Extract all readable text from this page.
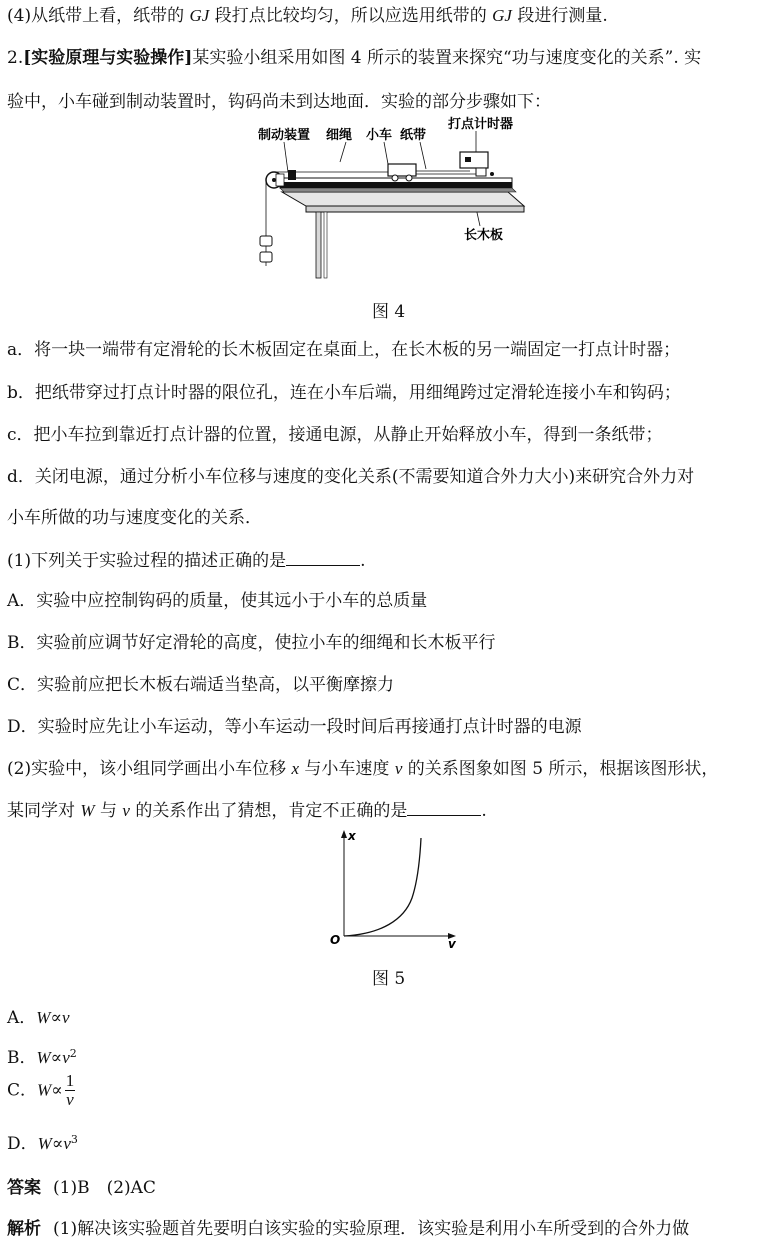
(4)从纸带上看，纸带的 GJ 段打点比较均匀，所以应选用纸带的 GJ 段进行测量.
2.[实验原理与实验操作]某实验小组采用如图 4 所示的装置来探究“功与速度变化的关系”. 实
验中，小车碰到制动装置时，钩码尚未到达地面．实验的部分步骤如下：
制动装置 细绳 小车 纸带
打点计时器
长木板
图 4
a．将一块一端带有定滑轮的长木板固定在桌面上，在长木板的另一端固定一打点计时器；
b．把纸带穿过打点计时器的限位孔，连在小车后端，用细绳跨过定滑轮连接小车和钩码；
c．把小车拉到靠近打点计器的位置，接通电源，从静止开始释放小车，得到一条纸带；
d．关闭电源，通过分析小车位移与速度的变化关系(不需要知道合外力大小)来研究合外力对
小车所做的功与速度变化的关系．
(1)下列关于实验过程的描述正确的是	.
A．实验中应控制钩码的质量，使其远小于小车的总质量
B．实验前应调节好定滑轮的高度，使拉小车的细绳和长木板平行
C．实验前应把长木板右端适当垫高，以平衡摩擦力
D．实验时应先让小车运动，等小车运动一段时间后再接通打点计时器的电源
(2)实验中，该小组同学画出小车位移 x 与小车速度 v 的关系图象如图 5 所示，根据该图形状，
某同学对 W 与 v 的关系作出了猜想，肯定不正确的是	.
x
O	v
图 5
A．W∝v
B．$W\propto v^2$
C．$W\propto \frac{1}{v}$
D．$W\propto v^3$
答案 (1)B　(2)AC
解析 (1)解决该实验题首先要明白该实验的实验原理．该实验是利用小车所受到的合外力做
